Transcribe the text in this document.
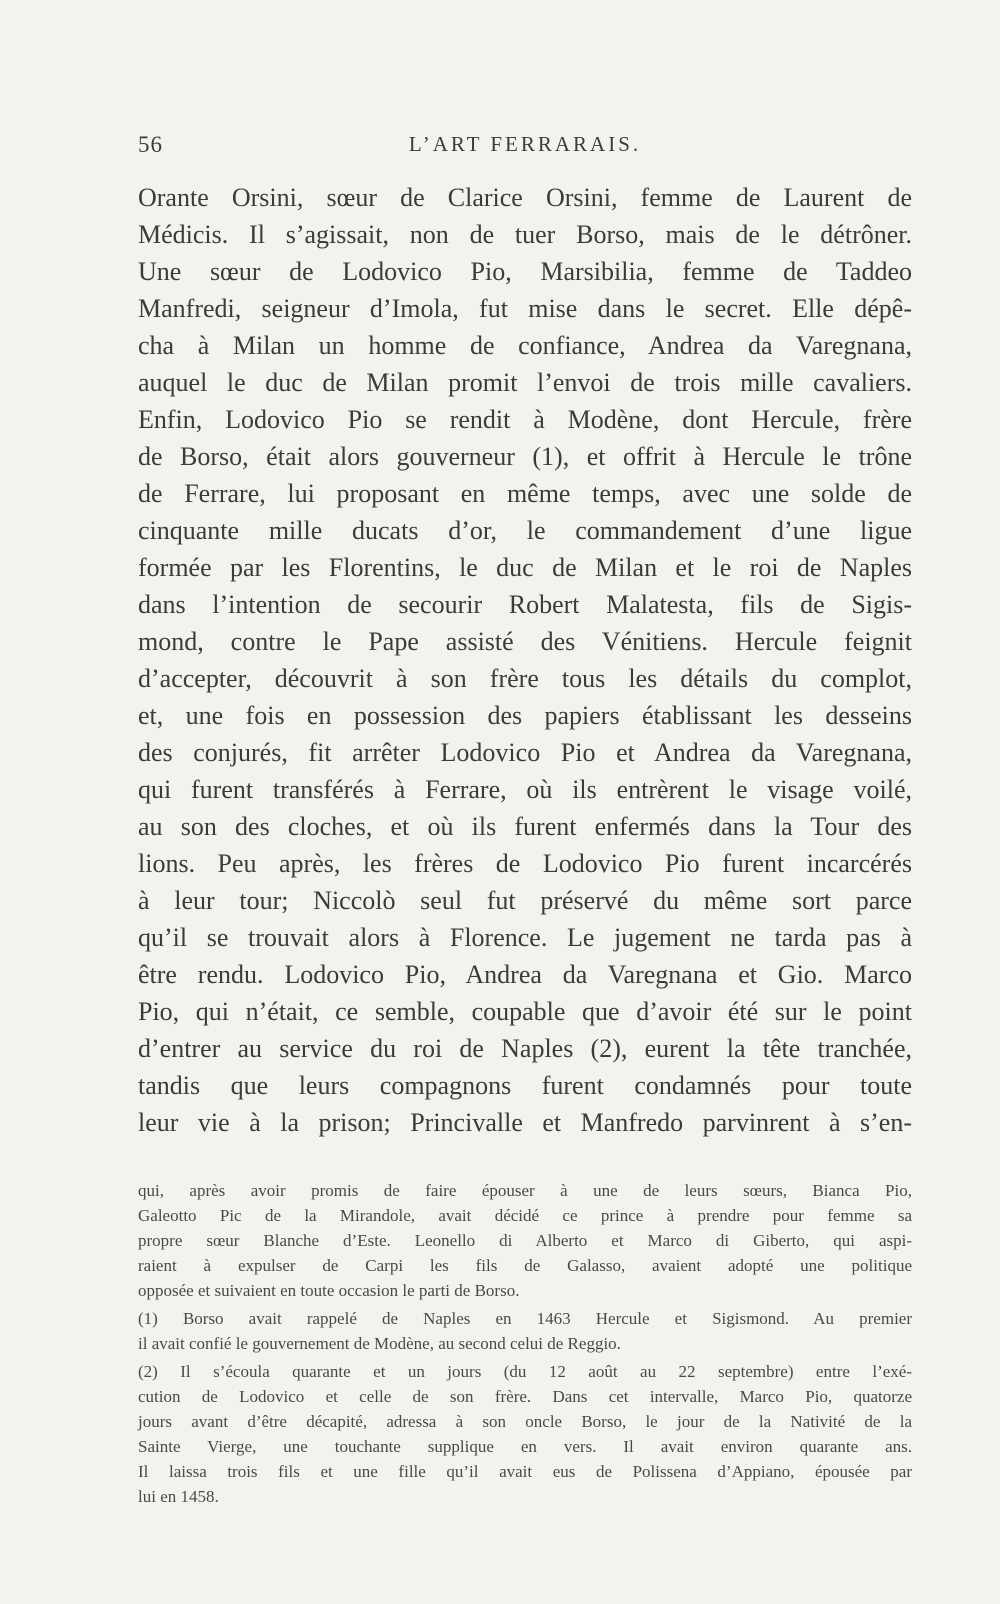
56	L’ART FERRARAIS.
Orante Orsini, sœur de Clarice Orsini, femme de Laurent de
Médicis. Il s’agissait, non de tuer Borso, mais de le détrôner.
Une sœur de Lodovico Pio, Marsibilia, femme de Taddeo
Manfredi, seigneur d’Imola, fut mise dans le secret. Elle dépê-
cha à Milan un homme de confiance, Andrea da Varegnana,
auquel le duc de Milan promit l’envoi de trois mille cavaliers.
Enfin, Lodovico Pio se rendit à Modène, dont Hercule, frère
de Borso, était alors gouverneur (1), et offrit à Hercule le trône
de Ferrare, lui proposant en même temps, avec une solde de
cinquante mille ducats d’or, le commandement d’une ligue
formée par les Florentins, le duc de Milan et le roi de Naples
dans l’intention de secourir Robert Malatesta, fils de Sigis-
mond, contre le Pape assisté des Vénitiens. Hercule feignit
d’accepter, découvrit à son frère tous les détails du complot,
et, une fois en possession des papiers établissant les desseins
des conjurés, fit arrêter Lodovico Pio et Andrea da Varegnana,
qui furent transférés à Ferrare, où ils entrèrent le visage voilé,
au son des cloches, et où ils furent enfermés dans la Tour des
lions. Peu après, les frères de Lodovico Pio furent incarcérés
à leur tour; Niccolò seul fut préservé du même sort parce
qu’il se trouvait alors à Florence. Le jugement ne tarda pas à
être rendu. Lodovico Pio, Andrea da Varegnana et Gio. Marco
Pio, qui n’était, ce semble, coupable que d’avoir été sur le point
d’entrer au service du roi de Naples (2), eurent la tête tranchée,
tandis que leurs compagnons furent condamnés pour toute
leur vie à la prison; Princivalle et Manfredo parvinrent à s’en-
qui, après avoir promis de faire épouser à une de leurs sœurs, Bianca Pio,
Galeotto Pic de la Mirandole, avait décidé ce prince à prendre pour femme sa
propre sœur Blanche d’Este. Leonello di Alberto et Marco di Giberto, qui aspi-
raient à expulser de Carpi les fils de Galasso, avaient adopté une politique
opposée et suivaient en toute occasion le parti de Borso.
(1) Borso avait rappelé de Naples en 1463 Hercule et Sigismond. Au premier
il avait confié le gouvernement de Modène, au second celui de Reggio.
(2) Il s’écoula quarante et un jours (du 12 août au 22 septembre) entre l’exé-
cution de Lodovico et celle de son frère. Dans cet intervalle, Marco Pio, quatorze
jours avant d’être décapité, adressa à son oncle Borso, le jour de la Nativité de la
Sainte Vierge, une touchante supplique en vers. Il avait environ quarante ans.
Il laissa trois fils et une fille qu’il avait eus de Polissena d’Appiano, épousée par
lui en 1458.
